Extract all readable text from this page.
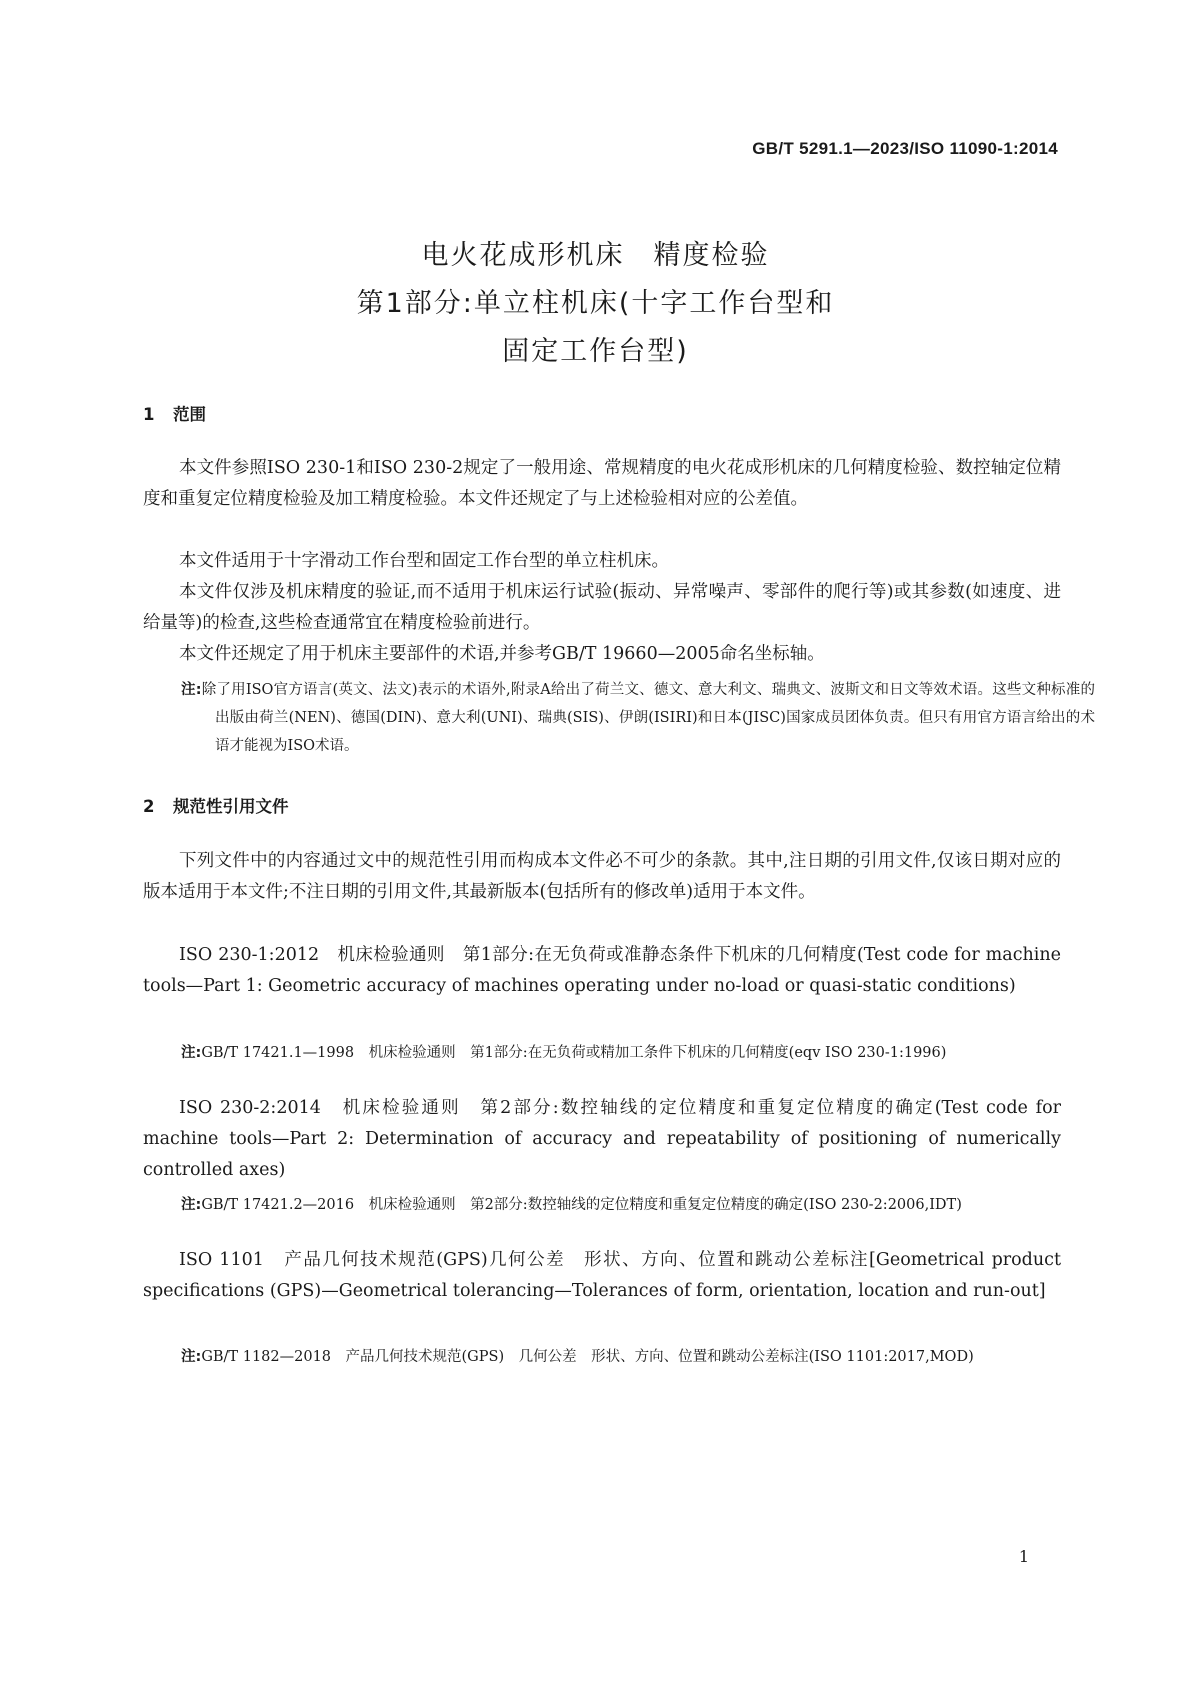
GB/T 5291.1—2023/ISO 11090-1:2014
电火花成形机床　精度检验
第1部分:单立柱机床(十字工作台型和
固定工作台型)
1 范围
本文件参照ISO 230-1和ISO 230-2规定了一般用途、常规精度的电火花成形机床的几何精度检验、数控轴定位精度和重复定位精度检验及加工精度检验。本文件还规定了与上述检验相对应的公差值。
本文件适用于十字滑动工作台型和固定工作台型的单立柱机床。
本文件仅涉及机床精度的验证,而不适用于机床运行试验(振动、异常噪声、零部件的爬行等)或其参数(如速度、进给量等)的检查,这些检查通常宜在精度检验前进行。
本文件还规定了用于机床主要部件的术语,并参考GB/T 19660—2005命名坐标轴。
注:除了用ISO官方语言(英文、法文)表示的术语外,附录A给出了荷兰文、德文、意大利文、瑞典文、波斯文和日文等效术语。这些文种标准的出版由荷兰(NEN)、德国(DIN)、意大利(UNI)、瑞典(SIS)、伊朗(ISIRI)和日本(JISC)国家成员团体负责。但只有用官方语言给出的术语才能视为ISO术语。
2 规范性引用文件
下列文件中的内容通过文中的规范性引用而构成本文件必不可少的条款。其中,注日期的引用文件,仅该日期对应的版本适用于本文件;不注日期的引用文件,其最新版本(包括所有的修改单)适用于本文件。
ISO 230-1:2012　机床检验通则　第1部分:在无负荷或准静态条件下机床的几何精度(Test code for machine tools—Part 1: Geometric accuracy of machines operating under no-load or quasi-static conditions)
注:GB/T 17421.1—1998　机床检验通则　第1部分:在无负荷或精加工条件下机床的几何精度(eqv ISO 230-1:1996)
ISO 230-2:2014　机床检验通则　第2部分:数控轴线的定位精度和重复定位精度的确定(Test code for machine tools—Part 2: Determination of accuracy and repeatability of positioning of numerically controlled axes)
注:GB/T 17421.2—2016　机床检验通则　第2部分:数控轴线的定位精度和重复定位精度的确定(ISO 230-2:2006,IDT)
ISO 1101　产品几何技术规范(GPS)几何公差　形状、方向、位置和跳动公差标注[Geometrical product specifications (GPS)—Geometrical tolerancing—Tolerances of form, orientation, location and run-out]
注:GB/T 1182—2018　产品几何技术规范(GPS)　几何公差　形状、方向、位置和跳动公差标注(ISO 1101:2017,MOD)
1
